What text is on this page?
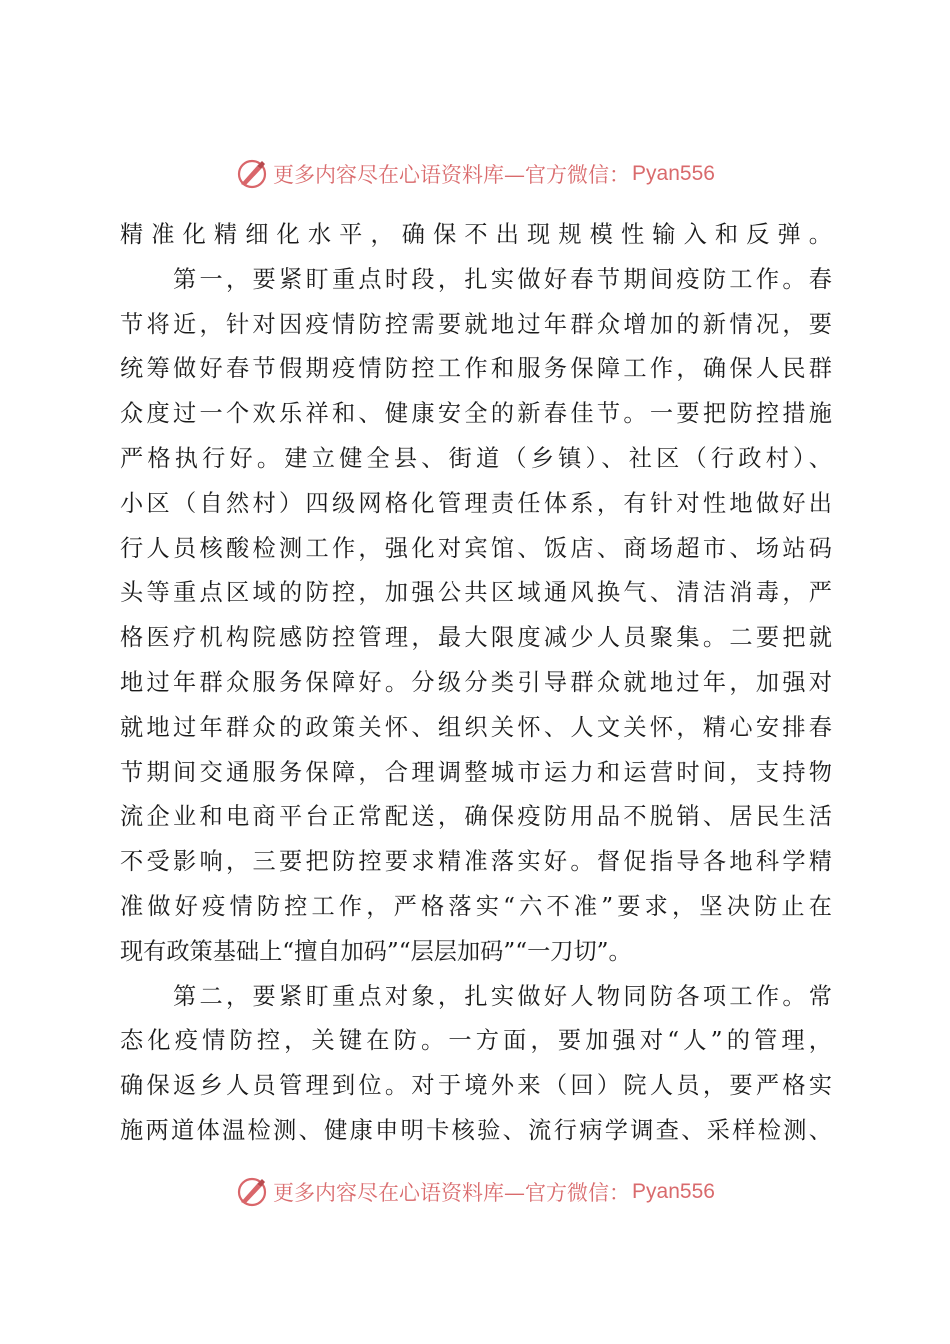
更多内容尽在心语资料库—官方微信： Pyan556
精准化精细化水平，确保不出现规模性输入和反弹。
　　第一，要紧盯重点时段，扎实做好春节期间疫防工作。春
节将近，针对因疫情防控需要就地过年群众增加的新情况，要
统筹做好春节假期疫情防控工作和服务保障工作，确保人民群
众度过一个欢乐祥和、健康安全的新春佳节。一要把防控措施
严格执行好。建立健全县、街道（乡镇）、社区（行政村）、
小区（自然村）四级网格化管理责任体系，有针对性地做好出
行人员核酸检测工作，强化对宾馆、饭店、商场超市、场站码
头等重点区域的防控，加强公共区域通风换气、清洁消毒，严
格医疗机构院感防控管理，最大限度减少人员聚集。二要把就
地过年群众服务保障好。分级分类引导群众就地过年，加强对
就地过年群众的政策关怀、组织关怀、人文关怀，精心安排春
节期间交通服务保障，合理调整城市运力和运营时间，支持物
流企业和电商平台正常配送，确保疫防用品不脱销、居民生活
不受影响，三要把防控要求精准落实好。督促指导各地科学精
准做好疫情防控工作，严格落实“六不准”要求，坚决防止在
现有政策基础上“擅自加码”“层层加码”“一刀切”。
　　第二，要紧盯重点对象，扎实做好人物同防各项工作。常
态化疫情防控，关键在防。一方面，要加强对“人”的管理，
确保返乡人员管理到位。对于境外来（回）院人员，要严格实
施两道体温检测、健康申明卡核验、流行病学调查、采样检测、
更多内容尽在心语资料库—官方微信： Pyan556
